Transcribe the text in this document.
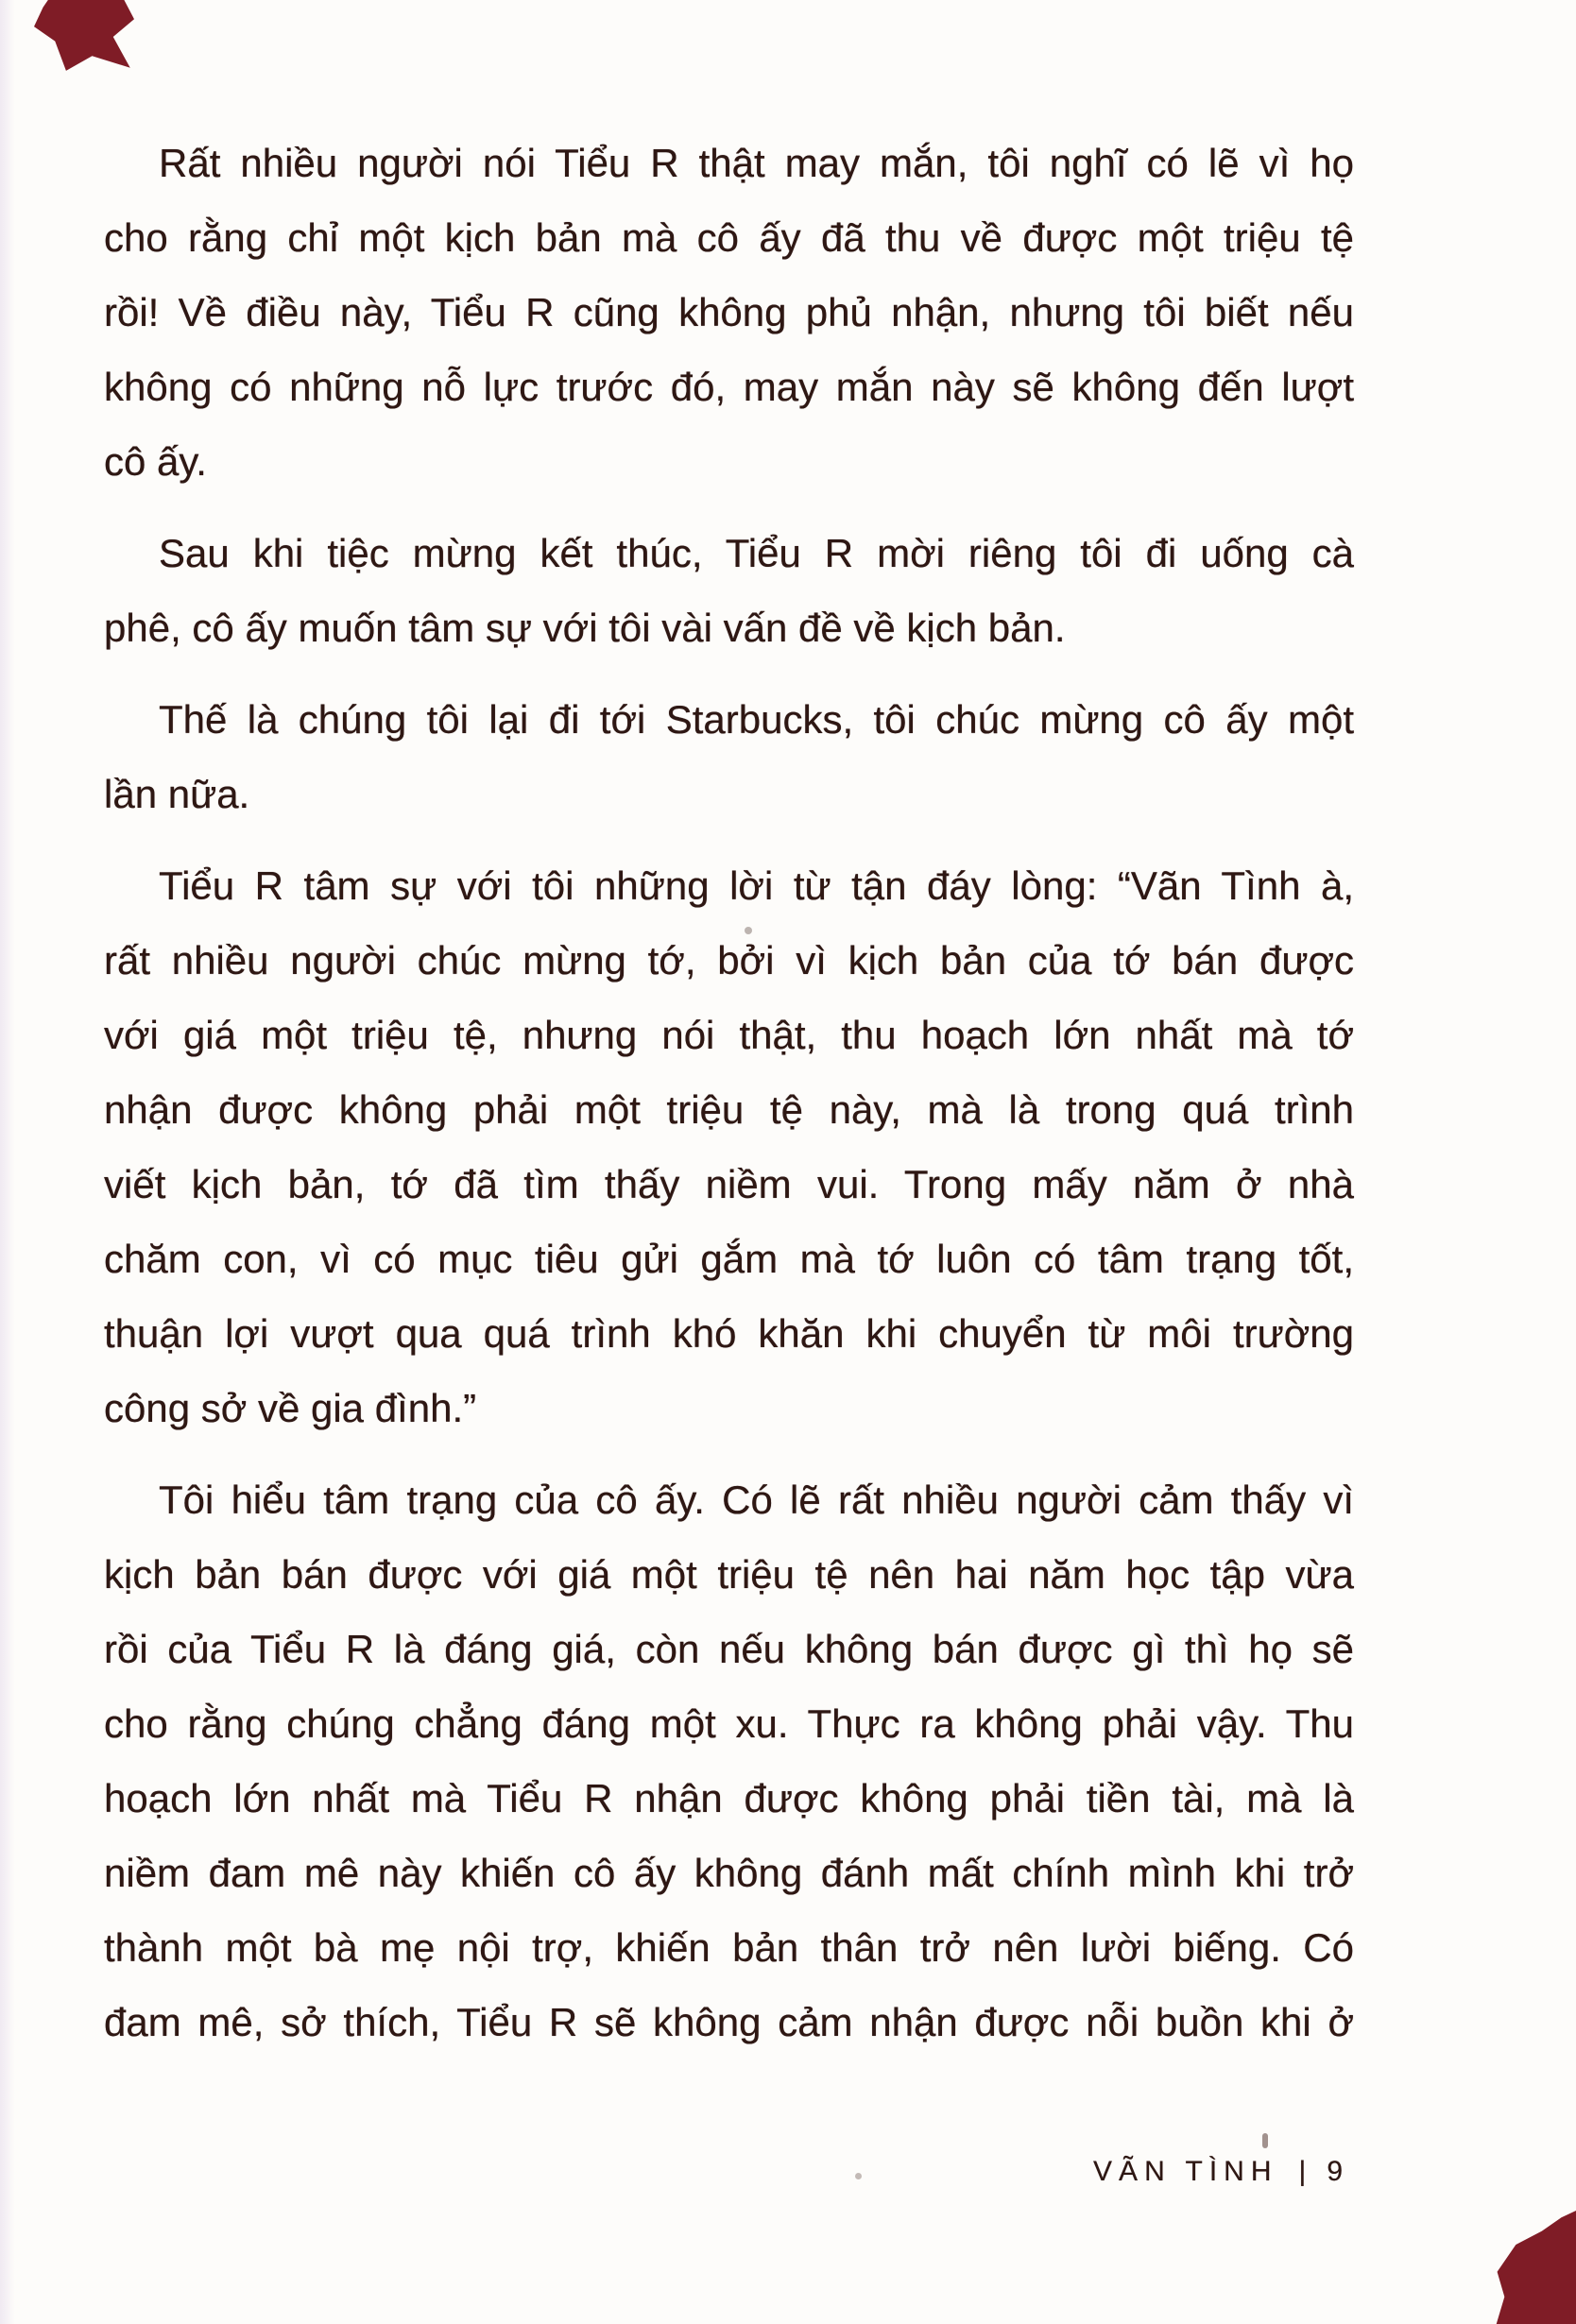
Rất nhiều người nói Tiểu R thật may mắn, tôi nghĩ có lẽ vì họ
cho rằng chỉ một kịch bản mà cô ấy đã thu về được một triệu tệ
rồi! Về điều này, Tiểu R cũng không phủ nhận, nhưng tôi biết nếu
không có những nỗ lực trước đó, may mắn này sẽ không đến lượt
cô ấy.
Sau khi tiệc mừng kết thúc, Tiểu R mời riêng tôi đi uống cà
phê, cô ấy muốn tâm sự với tôi vài vấn đề về kịch bản.
Thế là chúng tôi lại đi tới Starbucks, tôi chúc mừng cô ấy một
lần nữa.
Tiểu R tâm sự với tôi những lời từ tận đáy lòng: “Vãn Tình à,
rất nhiều người chúc mừng tớ, bởi vì kịch bản của tớ bán được
với giá một triệu tệ, nhưng nói thật, thu hoạch lớn nhất mà tớ
nhận được không phải một triệu tệ này, mà là trong quá trình
viết kịch bản, tớ đã tìm thấy niềm vui. Trong mấy năm ở nhà
chăm con, vì có mục tiêu gửi gắm mà tớ luôn có tâm trạng tốt,
thuận lợi vượt qua quá trình khó khăn khi chuyển từ môi trường
công sở về gia đình.”
Tôi hiểu tâm trạng của cô ấy. Có lẽ rất nhiều người cảm thấy vì
kịch bản bán được với giá một triệu tệ nên hai năm học tập vừa
rồi của Tiểu R là đáng giá, còn nếu không bán được gì thì họ sẽ
cho rằng chúng chẳng đáng một xu. Thực ra không phải vậy. Thu
hoạch lớn nhất mà Tiểu R nhận được không phải tiền tài, mà là
niềm đam mê này khiến cô ấy không đánh mất chính mình khi trở
thành một bà mẹ nội trợ, khiến bản thân trở nên lười biếng. Có
đam mê, sở thích, Tiểu R sẽ không cảm nhận được nỗi buồn khi ở
VÃN TÌNH | 9
